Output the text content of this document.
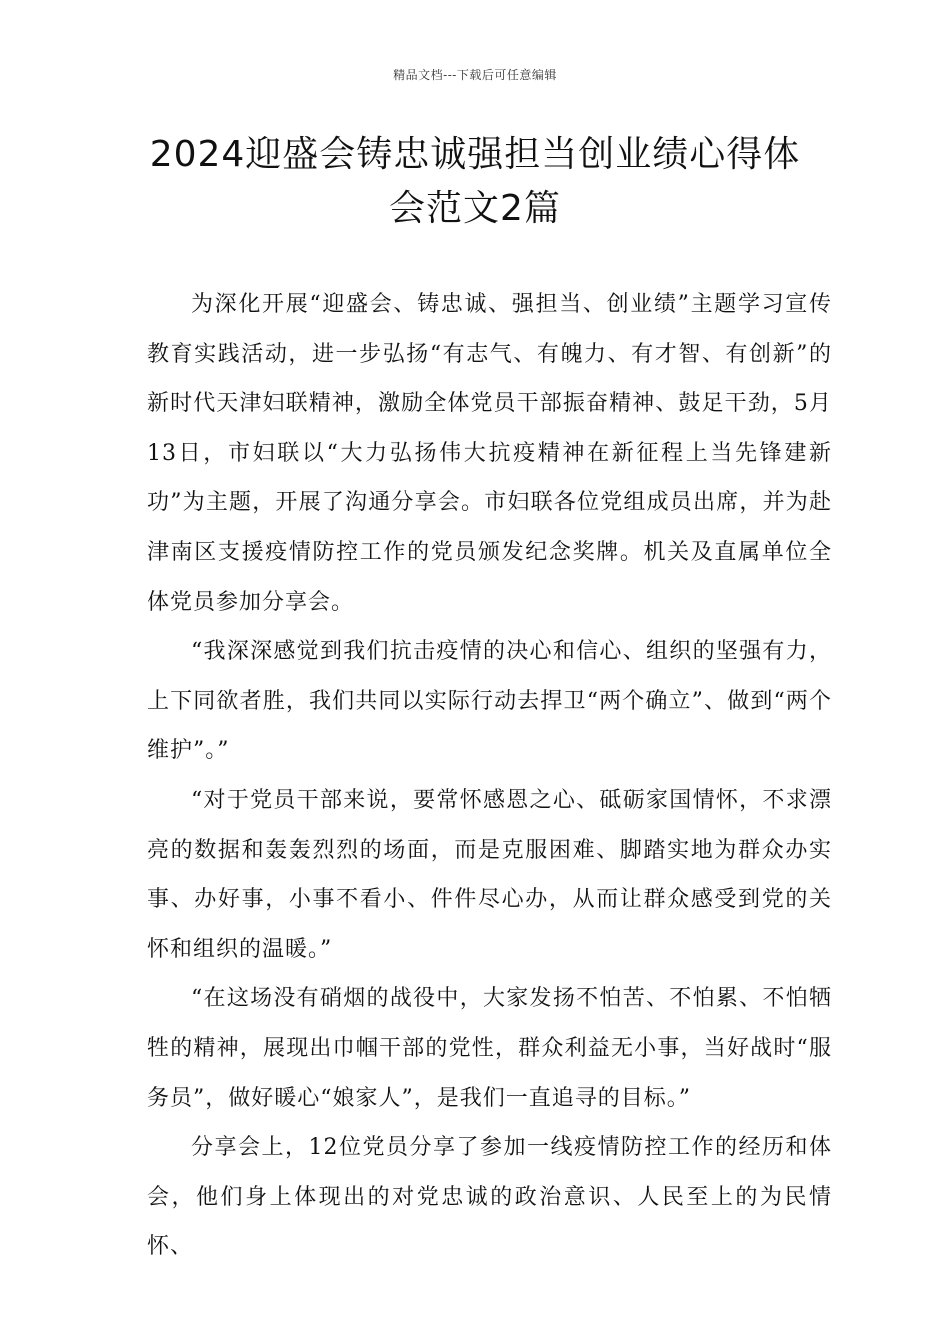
精品文档---下载后可任意编辑
2024迎盛会铸忠诚强担当创业绩心得体
会范文2篇

为深化开展“迎盛会、铸忠诚、强担当、创业绩”主题学习宣传教育实践活动，进一步弘扬“有志气、有魄力、有才智、有创新”的新时代天津妇联精神，激励全体党员干部振奋精神、鼓足干劲，5月13日，市妇联以“大力弘扬伟大抗疫精神在新征程上当先锋建新功”为主题，开展了沟通分享会。市妇联各位党组成员出席，并为赴津南区支援疫情防控工作的党员颁发纪念奖牌。机关及直属单位全体党员参加分享会。

“我深深感觉到我们抗击疫情的决心和信心、组织的坚强有力，上下同欲者胜，我们共同以实际行动去捍卫“两个确立”、做到“两个维护”。”

“对于党员干部来说，要常怀感恩之心、砥砺家国情怀，不求漂亮的数据和轰轰烈烈的场面，而是克服困难、脚踏实地为群众办实事、办好事，小事不看小、件件尽心办，从而让群众感受到党的关怀和组织的温暖。”

“在这场没有硝烟的战役中，大家发扬不怕苦、不怕累、不怕牺牲的精神，展现出巾帼干部的党性，群众利益无小事，当好战时“服务员”，做好暖心“娘家人”，是我们一直追寻的目标。”

分享会上，12位党员分享了参加一线疫情防控工作的经历和体会，他们身上体现出的对党忠诚的政治意识、人民至上的为民情怀、
